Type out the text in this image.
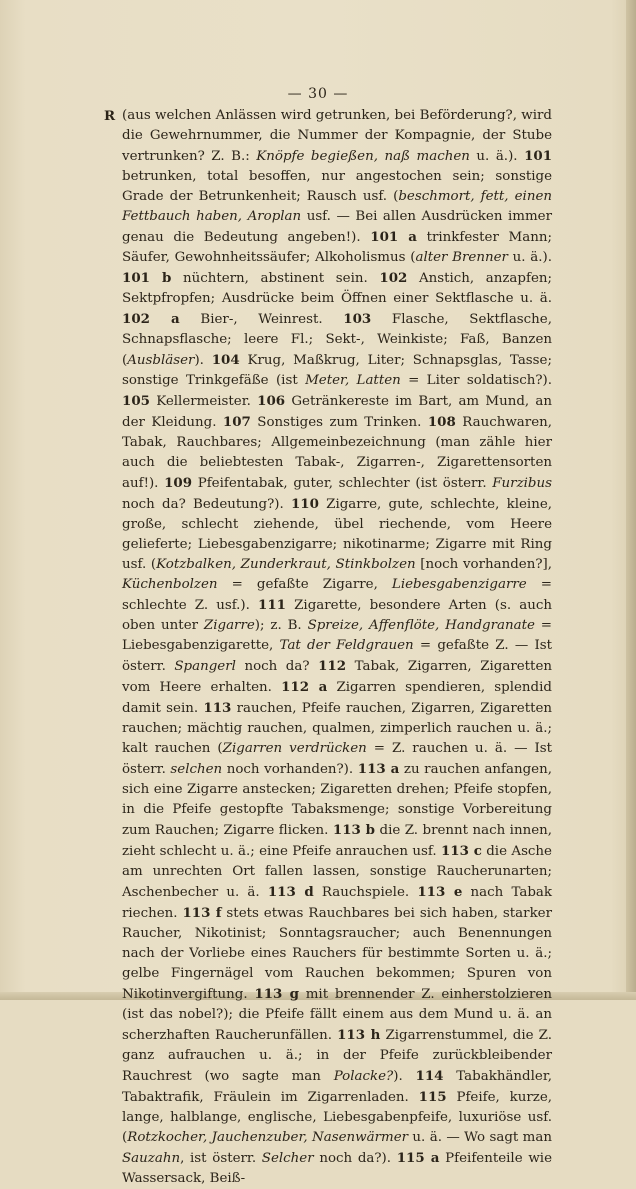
— 30 —

R (aus welchen Anlässen wird getrunken, bei Beförderung?, wird die Gewehrnummer, die Nummer der Kompagnie, der Stube vertrunken? Z. B.: Knöpfe begießen, naß machen u. ä.). 101 betrunken, total besoffen, nur angestochen sein; sonstige Grade der Betrunkenheit; Rausch usf. (beschmort, fett, einen Fettbauch haben, Aroplan usf. — Bei allen Ausdrücken immer genau die Bedeutung angeben!). 101 a trinkfester Mann; Säufer, Gewohnheitssäufer; Alkoholismus (alter Brenner u. ä.). 101 b nüchtern, abstinent sein. 102 Anstich, anzapfen; Sektpfropfen; Ausdrücke beim Öffnen einer Sektflasche u. ä. 102 a Bier-, Weinrest. 103 Flasche, Sektflasche, Schnapsflasche; leere Fl.; Sekt-, Weinkiste; Faß, Banzen (Ausbläser). 104 Krug, Maßkrug, Liter; Schnapsglas, Tasse; sonstige Trinkgefäße (ist Meter, Latten = Liter soldatisch?). 105 Kellermeister. 106 Getränkereste im Bart, am Mund, an der Kleidung. 107 Sonstiges zum Trinken. 108 Rauchwaren, Tabak, Rauchbares; Allgemeinbezeichnung (man zähle hier auch die beliebtesten Tabak-, Zigarren-, Zigarettensorten auf!). 109 Pfeifentabak, guter, schlechter (ist österr. Furzibus noch da? Bedeutung?). 110 Zigarre, gute, schlechte, kleine, große, schlecht ziehende, übel riechende, vom Heere gelieferte; Liebesgabenzigarre; nikotinarme; Zigarre mit Ring usf. (Kotzbalken, Zunderkraut, Stinkbolzen [noch vorhanden?], Küchenbolzen = gefaßte Zigarre, Liebesgabenzigarre = schlechte Z. usf.). 111 Zigarette, besondere Arten (s. auch oben unter Zigarre); z. B. Spreize, Affenflöte, Handgranate = Liebesgabenzigarette, Tat der Feldgrauen = gefaßte Z. — Ist österr. Spangerl noch da? 112 Tabak, Zigarren, Zigaretten vom Heere erhalten. 112 a Zigarren spendieren, splendid damit sein. 113 rauchen, Pfeife rauchen, Zigarren, Zigaretten rauchen; mächtig rauchen, qualmen, zimperlich rauchen u. ä.; kalt rauchen (Zigarren verdrücken = Z. rauchen u. ä. — Ist österr. selchen noch vorhanden?). 113 a zu rauchen anfangen, sich eine Zigarre anstecken; Zigaretten drehen; Pfeife stopfen, in die Pfeife gestopfte Tabaksmenge; sonstige Vorbereitung zum Rauchen; Zigarre flicken. 113 b die Z. brennt nach innen, zieht schlecht u. ä.; eine Pfeife anrauchen usf. 113 c die Asche am unrechten Ort fallen lassen, sonstige Raucherunarten; Aschenbecher u. ä. 113 d Rauchspiele. 113 e nach Tabak riechen. 113 f stets etwas Rauchbares bei sich haben, starker Raucher, Nikotinist; Sonntagsraucher; auch Benennungen nach der Vorliebe eines Rauchers für bestimmte Sorten u. ä.; gelbe Fingernägel vom Rauchen bekommen; Spuren von Nikotinvergiftung. 113 g mit brennender Z. einherstolzieren (ist das nobel?); die Pfeife fällt einem aus dem Mund u. ä. an scherzhaften Raucherunfällen. 113 h Zigarrenstummel, die Z. ganz aufrauchen u. ä.; in der Pfeife zurückbleibender Rauchrest (wo sagte man Polacke?). 114 Tabakhändler, Tabaktrafik, Fräulein im Zigarrenladen. 115 Pfeife, kurze, lange, halblange, englische, Liebesgabenpfeife, luxuriöse usf. (Rotzkocher, Jauchenzuber, Nasenwärmer u. ä. — Wo sagt man Sauzahn, ist österr. Selcher noch da?). 115 a Pfeifenteile wie Wassersack, Beiß-
